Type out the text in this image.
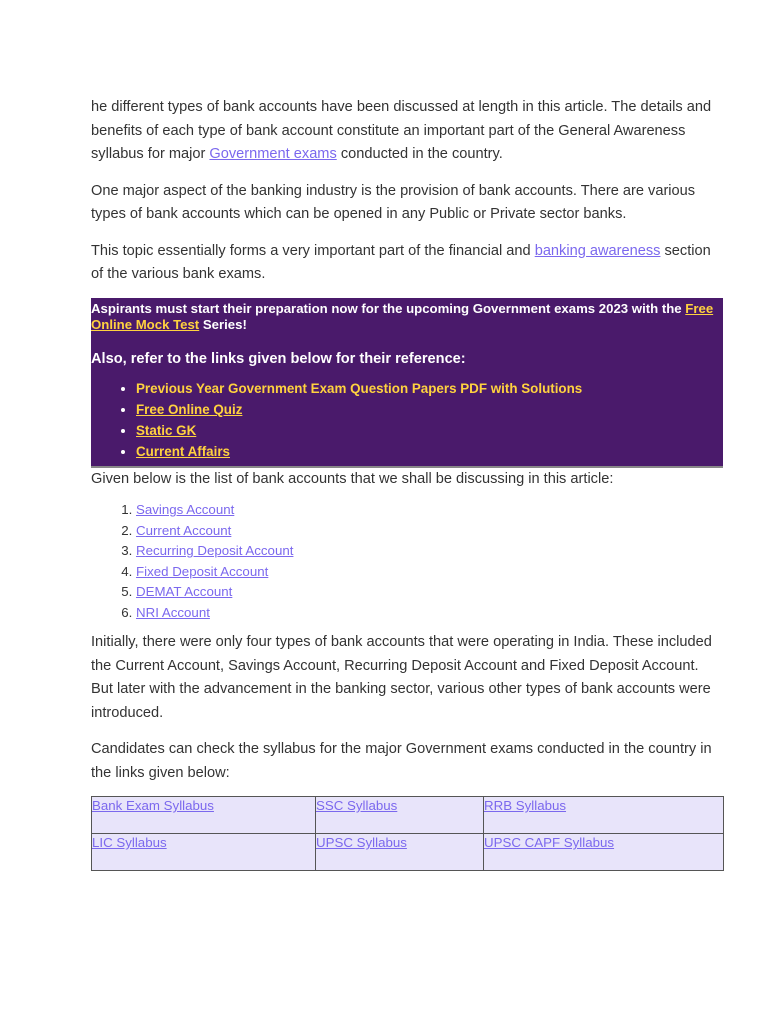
he different types of bank accounts have been discussed at length in this article. The details and benefits of each type of bank account constitute an important part of the General Awareness syllabus for major Government exams conducted in the country.

One major aspect of the banking industry is the provision of bank accounts. There are various types of bank accounts which can be opened in any Public or Private sector banks.

This topic essentially forms a very important part of the financial and banking awareness section of the various bank exams.

Aspirants must start their preparation now for the upcoming Government exams 2023 with the Free Online Mock Test Series!

Also, refer to the links given below for their reference:

• Previous Year Government Exam Question Papers PDF with Solutions
• Free Online Quiz
• Static GK
• Current Affairs

Given below is the list of bank accounts that we shall be discussing in this article:

1. Savings Account
2. Current Account
3. Recurring Deposit Account
4. Fixed Deposit Account
5. DEMAT Account
6. NRI Account

Initially, there were only four types of bank accounts that were operating in India. These included the Current Account, Savings Account, Recurring Deposit Account and Fixed Deposit Account. But later with the advancement in the banking sector, various other types of bank accounts were introduced.

Candidates can check the syllabus for the major Government exams conducted in the country in the links given below:

Bank Exam Syllabus	SSC Syllabus	RRB Syllabus
LIC Syllabus	UPSC Syllabus	UPSC CAPF Syllabus
